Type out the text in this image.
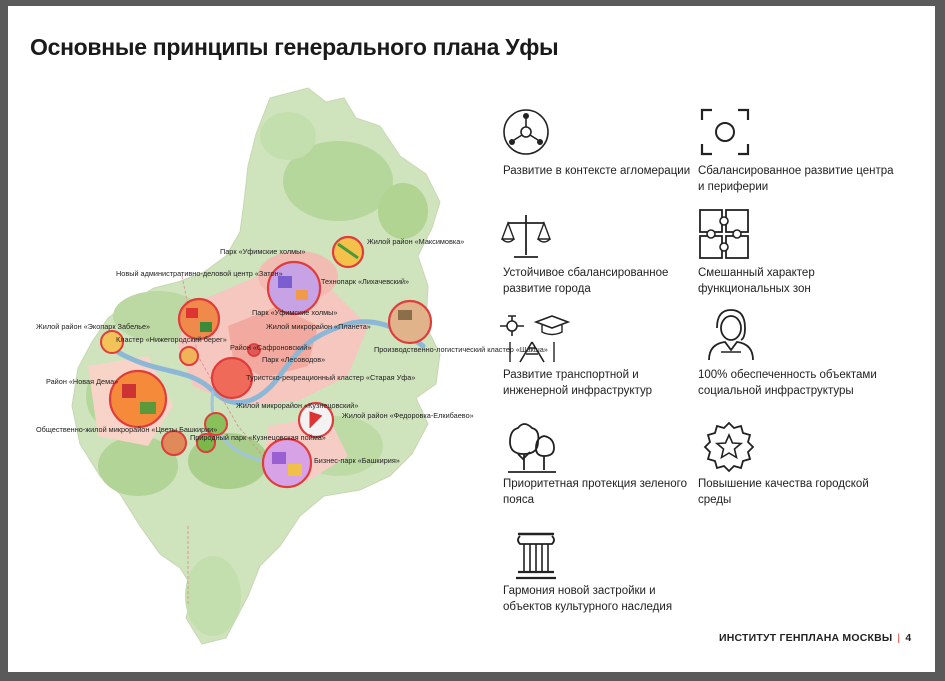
Основные принципы генерального плана Уфы
Жилой район «Максимовка»
Технопарк «Лихачевский»
Парк «Уфимские холмы»
Новый административно-деловой центр «Затон»
Парк «Уфимские холмы»
Жилой микрорайон «Планета»
Жилой район «Экопарк Забелье»
Кластер «Нижегородский берег»
Район «Сафроновский»
Парк «Лесоводов»
Производственно-логистический кластер «Шакша»
Туристско-рекреационный кластер «Старая Уфа»
Район «Новая Дема»
Жилой микрорайон «Кузнецовский»
Жилой район «Федоровка-Елкибаево»
Общественно-жилой микрорайон «Цветы Башкирии»
Природный парк «Кузнецовская пойма»
Бизнес-парк «Башкирия»
Развитие в контексте агломерации Сбалансированное развитие центра и периферии
Устойчивое сбалансированное развитие города
Смешанный характер функциональных зон
Развитие транспортной и инженерной инфраструктур
100% обеспеченность объектами социальной инфраструктуры
Приоритетная протекция зеленого пояса
Повышение качества городской среды
Гармония новой застройки и объектов культурного наследия
ИНСТИТУТ ГЕНПЛАНА МОСКВЫ | 4
